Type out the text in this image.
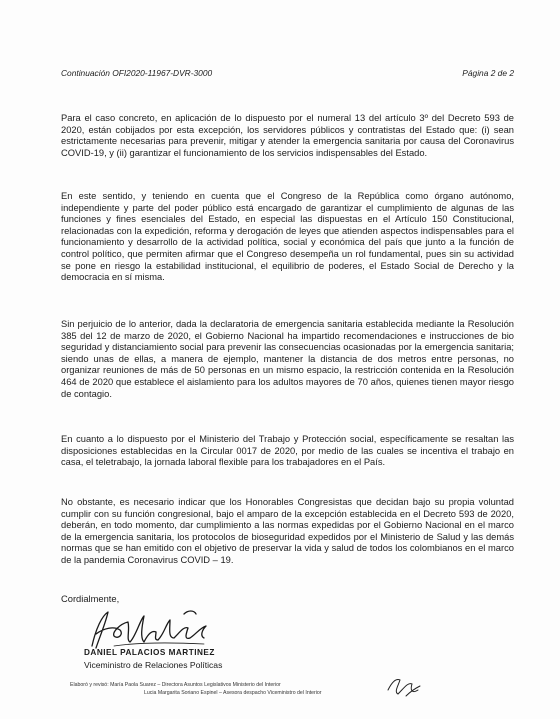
Continuación OFI2020-11967-DVR-3000	Página 2 de 2

Para el caso concreto, en aplicación de lo dispuesto por el numeral 13 del artículo 3º del Decreto 593 de 2020, están cobijados por esta excepción, los servidores públicos y contratistas del Estado que: (i) sean estrictamente necesarias para prevenir, mitigar y atender la emergencia sanitaria por causa del Coronavirus COVID-19, y (ii) garantizar el funcionamiento de los servicios indispensables del Estado.

En este sentido, y teniendo en cuenta que el Congreso de la República como órgano autónomo, independiente y parte del poder público está encargado de garantizar el cumplimiento de algunas de las funciones y fines esenciales del Estado, en especial las dispuestas en el Artículo 150 Constitucional, relacionadas con la expedición, reforma y derogación de leyes que atienden aspectos indispensables para el funcionamiento y desarrollo de la actividad política, social y económica del país que junto a la función de control político, que permiten afirmar que el Congreso desempeña un rol fundamental, pues sin su actividad se pone en riesgo la estabilidad institucional, el equilibrio de poderes, el Estado Social de Derecho y la democracia en sí misma.

Sin perjuicio de lo anterior, dada la declaratoria de emergencia sanitaria establecida mediante la Resolución 385 del 12 de marzo de 2020, el Gobierno Nacional ha impartido recomendaciones e instrucciones de bio seguridad y distanciamiento social para prevenir las consecuencias ocasionadas por la emergencia sanitaria; siendo unas de ellas, a manera de ejemplo, mantener la distancia de dos metros entre personas, no organizar reuniones de más de 50 personas en un mismo espacio, la restricción contenida en la Resolución 464 de 2020 que establece el aislamiento para los adultos mayores de 70 años, quienes tienen mayor riesgo de contagio.

En cuanto a lo dispuesto por el Ministerio del Trabajo y Protección social, específicamente se resaltan las disposiciones establecidas en la Circular 0017 de 2020, por medio de las cuales se incentiva el trabajo en casa, el teletrabajo, la jornada laboral flexible para los trabajadores en el País.

No obstante, es necesario indicar que los Honorables Congresistas que decidan bajo su propia voluntad cumplir con su función congresional, bajo el amparo de la excepción establecida en el Decreto 593 de 2020, deberán, en todo momento, dar cumplimiento a las normas expedidas por el Gobierno Nacional en el marco de la emergencia sanitaria, los protocolos de bioseguridad expedidos por el Ministerio de Salud y las demás normas que se han emitido con el objetivo de preservar la vida y salud de todos los colombianos en el marco de la pandemia Coronavirus COVID – 19.

Cordialmente,
DANIEL PALACIOS MARTINEZ
Viceministro de Relaciones Políticas
Elaboró y revisó: María Paola Suarez – Directora Asuntos Legislativos Ministerio del Interior
Lucia Margarita Soriano Espinel – Asesora despacho Viceministro del Interior
